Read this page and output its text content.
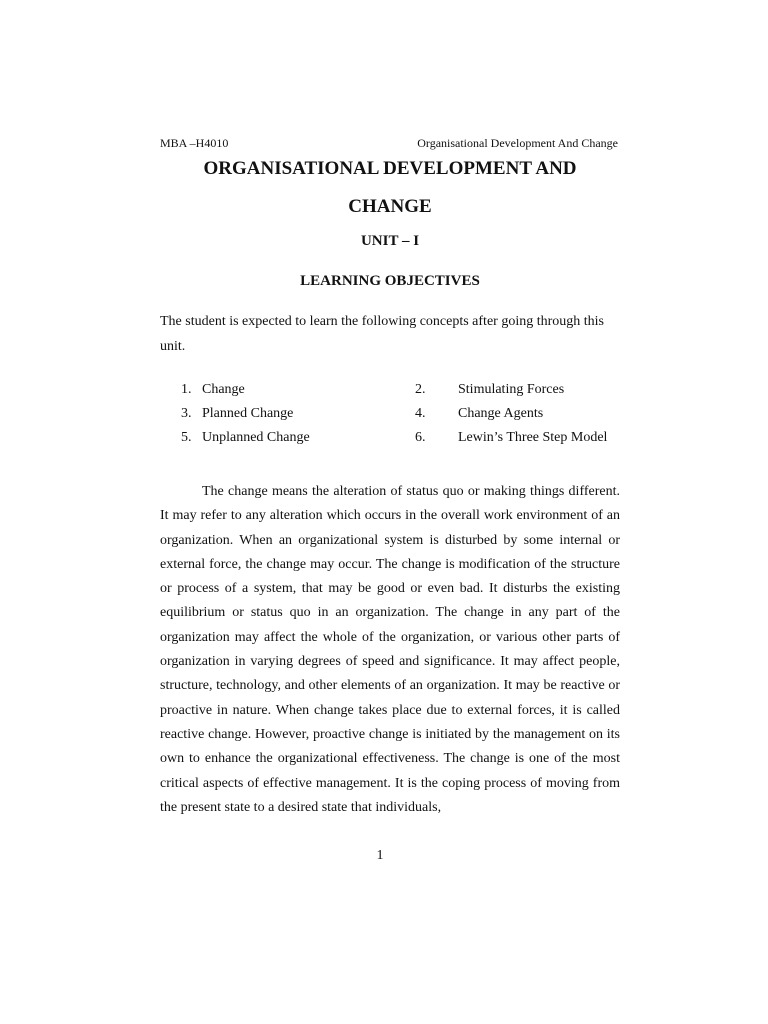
MBA –H4010	Organisational Development And Change
ORGANISATIONAL DEVELOPMENT AND
CHANGE
UNIT – I
LEARNING OBJECTIVES

The student is expected to learn the following concepts after going through this unit.

1. Change	2. Stimulating Forces
3. Planned Change	4. Change Agents
5. Unplanned Change	6. Lewin’s Three Step Model

The change means the alteration of status quo or making things different. It may refer to any alteration which occurs in the overall work environment of an organization. When an organizational system is disturbed by some internal or external force, the change may occur. The change is modification of the structure or process of a system, that may be good or even bad. It disturbs the existing equilibrium or status quo in an organization. The change in any part of the organization may affect the whole of the organization, or various other parts of organization in varying degrees of speed and significance. It may affect people, structure, technology, and other elements of an organization. It may be reactive or proactive in nature. When change takes place due to external forces, it is called reactive change. However, proactive change is initiated by the management on its own to enhance the organizational effectiveness. The change is one of the most critical aspects of effective management. It is the coping process of moving from the present state to a desired state that individuals,

1
